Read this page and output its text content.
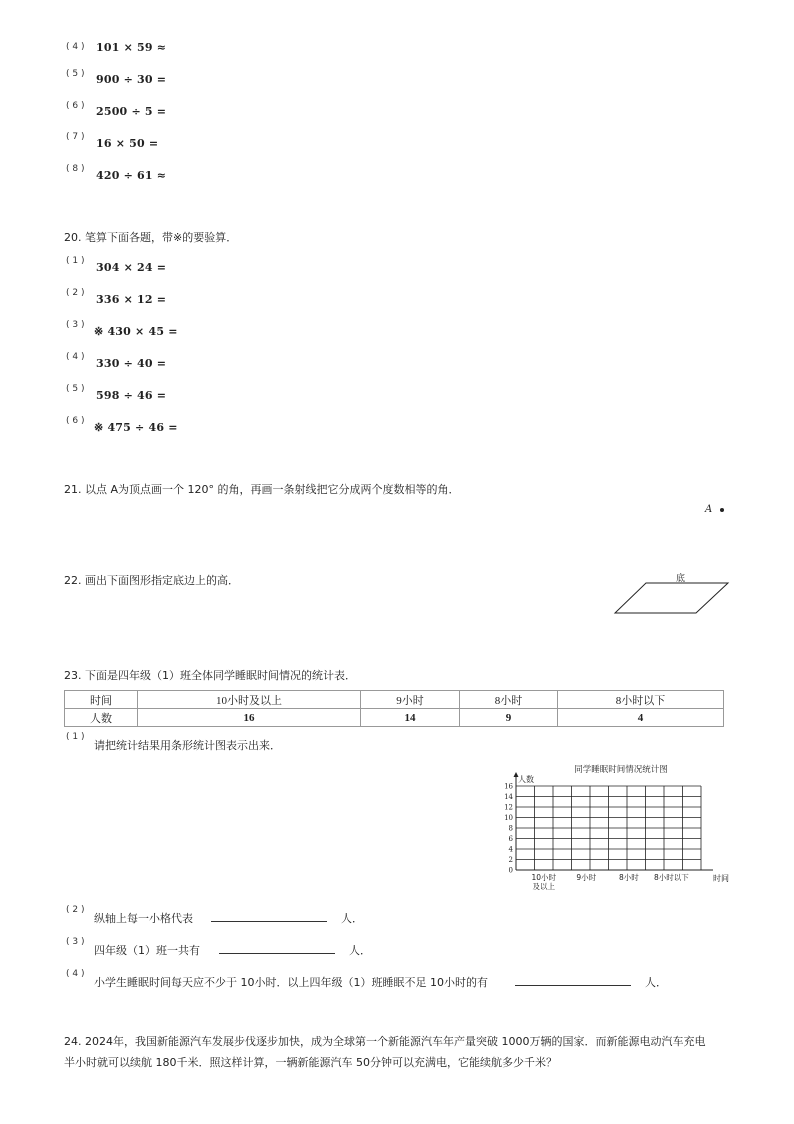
( 4 ) 101 × 59 ≈
( 5 ) 900 ÷ 30 =
( 6 ) 2500 ÷ 5 =
( 7 ) 16 × 50 =
( 8 ) 420 ÷ 61 ≈
20. 笔算下面各题，带※的要验算．
( 1 ) 304 × 24 =
( 2 ) 336 × 12 =
( 3 ) ※ 430 × 45 =
( 4 ) 330 ÷ 40 =
( 5 ) 598 ÷ 46 =
( 6 ) ※ 475 ÷ 46 =
21. 以点 A为顶点画一个 120° 的角，再画一条射线把它分成两个度数相等的角．
A
22. 画出下面图形指定底边上的高．	底
23. 下面是四年级（1）班全体同学睡眠时间情况的统计表．
时间	10小时及以上	9小时	8小时	8小时以下
人数	16	14	9	4
( 1 )
请把统计结果用条形统计图表示出来．
同学睡眠时间情况统计图
人数
时间
0
2
4
6
8
10
12
14
16
10小时
及以上
9小时	8小时 8小时以下
( 2 )
纵轴上每一小格代表	人．
( 3 )
四年级（1）班一共有	人．
( 4 )
小学生睡眠时间每天应不少于 10小时．以上四年级（1）班睡眠不足 10小时的有	人．
24. 2024年，我国新能源汽车发展步伐逐步加快，成为全球第一个新能源汽车年产量突破 1000万辆的国家．而新能源电动汽车充电
半小时就可以续航 180千米．照这样计算，一辆新能源汽车 50分钟可以充满电，它能续航多少千米？
